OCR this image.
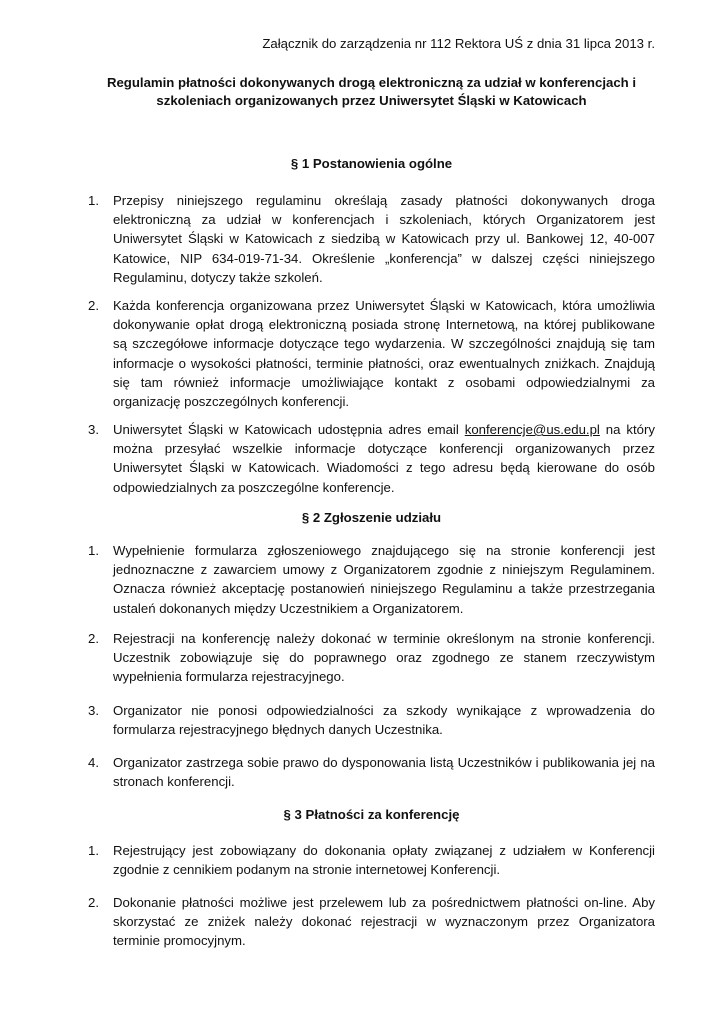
Załącznik do zarządzenia nr 112 Rektora UŚ z dnia 31 lipca 2013 r.
Regulamin płatności dokonywanych drogą elektroniczną za udział w konferencjach i
szkoleniach organizowanych przez Uniwersytet Śląski w Katowicach
§ 1 Postanowienia ogólne
1.	Przepisy niniejszego regulaminu określają zasady płatności dokonywanych droga elektroniczną za udział w konferencjach i szkoleniach, których Organizatorem jest Uniwersytet Śląski w Katowicach z siedzibą w Katowicach przy ul. Bankowej 12, 40-007 Katowice, NIP 634-019-71-34. Określenie „konferencja” w dalszej części niniejszego Regulaminu, dotyczy także szkoleń.
2.	Każda konferencja organizowana przez Uniwersytet Śląski w Katowicach, która umożliwia dokonywanie opłat drogą elektroniczną posiada stronę Internetową, na której publikowane są szczegółowe informacje dotyczące tego wydarzenia. W szczególności znajdują się tam informacje o wysokości płatności, terminie płatności, oraz ewentualnych zniżkach. Znajdują się tam również informacje umożliwiające kontakt z osobami odpowiedzialnymi za organizację poszczególnych konferencji.
3.	Uniwersytet Śląski w Katowicach udostępnia adres email konferencje@us.edu.pl na który można przesyłać wszelkie informacje dotyczące konferencji organizowanych przez Uniwersytet Śląski w Katowicach. Wiadomości z tego adresu będą kierowane do osób odpowiedzialnych za poszczególne konferencje.
§ 2 Zgłoszenie udziału
1.	Wypełnienie formularza zgłoszeniowego znajdującego się na stronie konferencji jest jednoznaczne z zawarciem umowy z Organizatorem zgodnie z niniejszym Regulaminem. Oznacza również akceptację postanowień niniejszego Regulaminu a także przestrzegania ustaleń dokonanych między Uczestnikiem a Organizatorem.
2.	Rejestracji na konferencję należy dokonać w terminie określonym na stronie konferencji. Uczestnik zobowiązuje się do poprawnego oraz zgodnego ze stanem rzeczywistym wypełnienia formularza rejestracyjnego.
3.	Organizator nie ponosi odpowiedzialności za szkody wynikające z wprowadzenia do formularza rejestracyjnego błędnych danych Uczestnika.
4.	Organizator zastrzega sobie prawo do dysponowania listą Uczestników i publikowania jej na stronach konferencji.
§ 3 Płatności za konferencję
1.	Rejestrujący jest zobowiązany do dokonania opłaty związanej z udziałem w Konferencji zgodnie z cennikiem podanym na stronie internetowej Konferencji.
2.	Dokonanie płatności możliwe jest przelewem lub za pośrednictwem płatności on-line. Aby skorzystać ze zniżek należy dokonać rejestracji w wyznaczonym przez Organizatora terminie promocyjnym.
